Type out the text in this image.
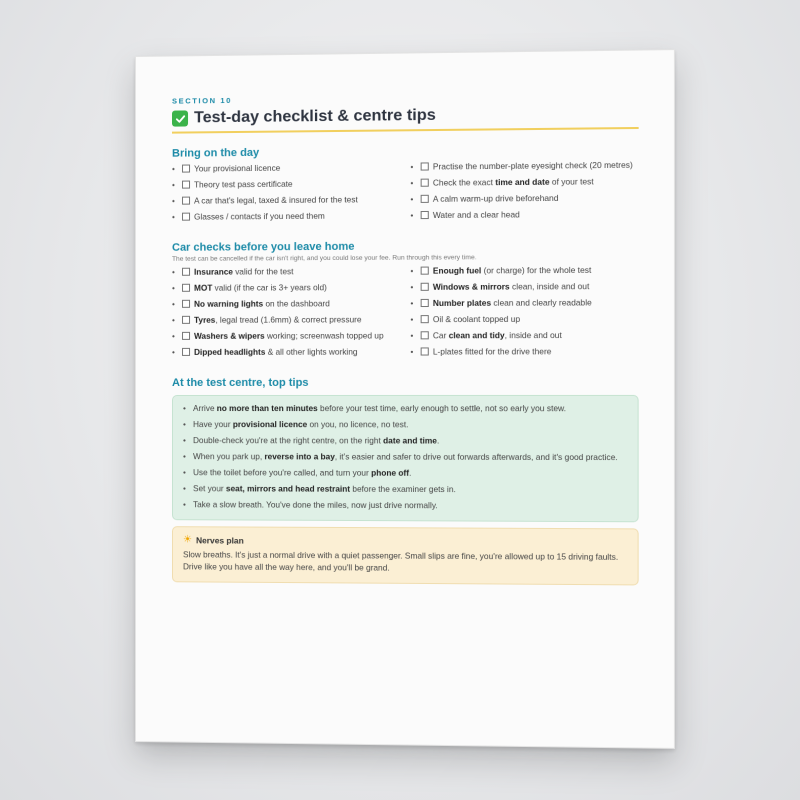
SECTION 10
Test-day checklist & centre tips
Bring on the day
• Your provisional licence
• Theory test pass certificate
• A car that's legal, taxed & insured for the test
• Glasses / contacts if you need them
• Practise the number-plate eyesight check (20 metres)
• Check the exact time and date of your test
• A calm warm-up drive beforehand
• Water and a clear head
Car checks before you leave home
The test can be cancelled if the car isn't right, and you could lose your fee. Run through this every time.
• Insurance valid for the test
• MOT valid (if the car is 3+ years old)
• No warning lights on the dashboard
• Tyres, legal tread (1.6mm) & correct pressure
• Washers & wipers working; screenwash topped up
• Dipped headlights & all other lights working
• Enough fuel (or charge) for the whole test
• Windows & mirrors clean, inside and out
• Number plates clean and clearly readable
• Oil & coolant topped up
• Car clean and tidy, inside and out
• L-plates fitted for the drive there
At the test centre, top tips
• Arrive no more than ten minutes before your test time, early enough to settle, not so early you stew.
• Have your provisional licence on you, no licence, no test.
• Double-check you're at the right centre, on the right date and time.
• When you park up, reverse into a bay, it's easier and safer to drive out forwards afterwards, and it's good practice.
• Use the toilet before you're called, and turn your phone off.
• Set your seat, mirrors and head restraint before the examiner gets in.
• Take a slow breath. You've done the miles, now just drive normally.
☀ Nerves plan
Slow breaths. It's just a normal drive with a quiet passenger. Small slips are fine, you're allowed up to 15 driving faults. Drive like you have all the way here, and you'll be grand.
